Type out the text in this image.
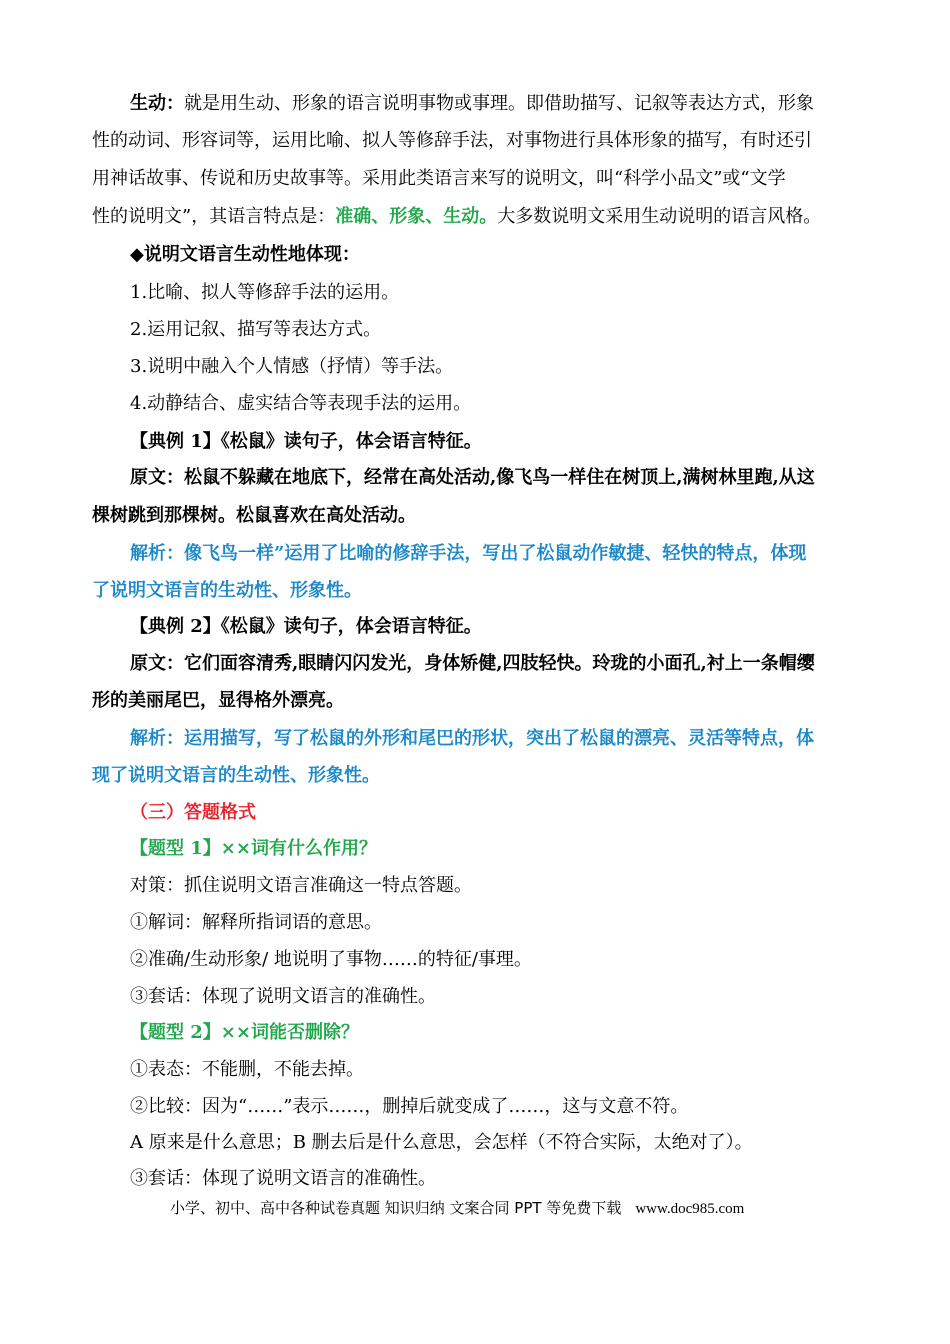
生动：就是用生动、形象的语言说明事物或事理。即借助描写、记叙等表达方式，形象
性的动词、形容词等，运用比喻、拟人等修辞手法，对事物进行具体形象的描写，有时还引
用神话故事、传说和历史故事等。采用此类语言来写的说明文，叫“科学小品文”或“文学
性的说明文”，其语言特点是：准确、形象、生动。大多数说明文采用生动说明的语言风格。
◆说明文语言生动性地体现：
1.比喻、拟人等修辞手法的运用。
2.运用记叙、描写等表达方式。
3.说明中融入个人情感（抒情）等手法。
4.动静结合、虚实结合等表现手法的运用。
【典例 1】《松鼠》读句子，体会语言特征。
原文：松鼠不躲藏在地底下，经常在高处活动,像飞鸟一样住在树顶上,满树林里跑,从这
棵树跳到那棵树。松鼠喜欢在高处活动。
解析：像飞鸟一样”运用了比喻的修辞手法，写出了松鼠动作敏捷、轻快的特点，体现
了说明文语言的生动性、形象性。
【典例 2】《松鼠》读句子，体会语言特征。
原文：它们面容清秀,眼睛闪闪发光，身体矫健,四肢轻快。玲珑的小面孔,衬上一条帽缨
形的美丽尾巴，显得格外漂亮。
解析：运用描写，写了松鼠的外形和尾巴的形状，突出了松鼠的漂亮、灵活等特点，体
现了说明文语言的生动性、形象性。
（三）答题格式
【题型 1】××词有什么作用？
对策：抓住说明文语言准确这一特点答题。
①解词：解释所指词语的意思。
②准确/生动形象/ 地说明了事物……的特征/事理。
③套话：体现了说明文语言的准确性。
【题型 2】××词能否删除？
①表态：不能删，不能去掉。
②比较：因为“……”表示……，删掉后就变成了……，这与文意不符。
A 原来是什么意思；B 删去后是什么意思，会怎样（不符合实际，太绝对了）。
③套话：体现了说明文语言的准确性。
小学、初中、高中各种试卷真题 知识归纳 文案合同 PPT 等免费下载 www.doc985.com
